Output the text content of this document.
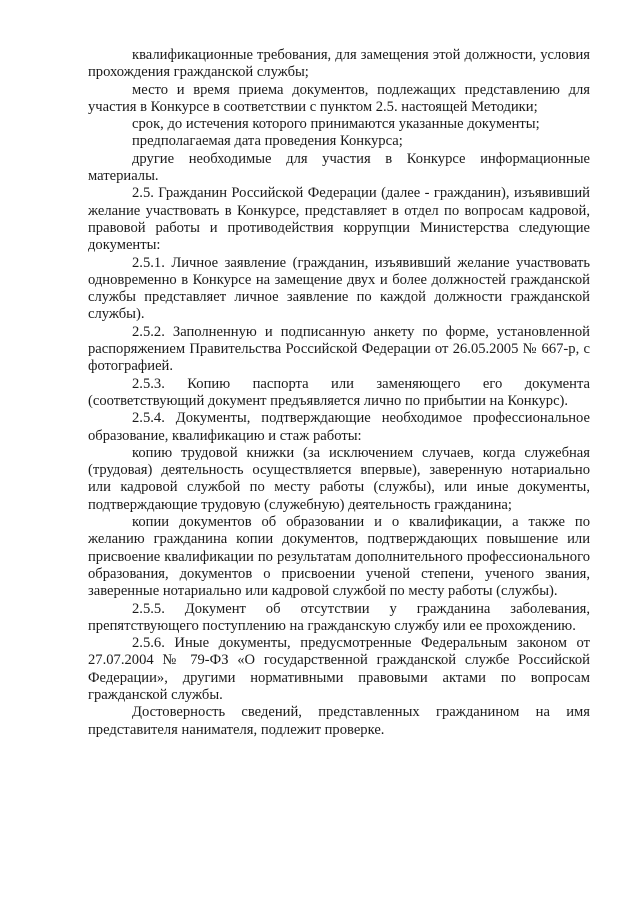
квалификационные требования, для замещения этой должности, условия прохождения гражданской службы;

место и время приема документов, подлежащих представлению для участия в Конкурсе в соответствии с пунктом 2.5. настоящей Методики;

срок, до истечения которого принимаются указанные документы;

предполагаемая дата проведения Конкурса;

другие необходимые для участия в Конкурсе информационные материалы.

2.5. Гражданин Российской Федерации (далее - гражданин), изъявивший желание участвовать в Конкурсе, представляет в отдел по вопросам кадровой, правовой работы и противодействия коррупции Министерства следующие документы:

2.5.1. Личное заявление (гражданин, изъявивший желание участвовать одновременно в Конкурсе на замещение двух и более должностей гражданской службы представляет личное заявление по каждой должности гражданской службы).

2.5.2. Заполненную и подписанную анкету по форме, установленной распоряжением Правительства Российской Федерации от 26.05.2005 № 667-р, с фотографией.

2.5.3. Копию паспорта или заменяющего его документа (соответствующий документ предъявляется лично по прибытии на Конкурс).

2.5.4. Документы, подтверждающие необходимое профессиональное образование, квалификацию и стаж работы:

копию трудовой книжки (за исключением случаев, когда служебная (трудовая) деятельность осуществляется впервые), заверенную нотариально или кадровой службой по месту работы (службы), или иные документы, подтверждающие трудовую (служебную) деятельность гражданина;

копии документов об образовании и о квалификации, а также по желанию гражданина копии документов, подтверждающих повышение или присвоение квалификации по результатам дополнительного профессионального образования, документов о присвоении ученой степени, ученого звания, заверенные нотариально или кадровой службой по месту работы (службы).

2.5.5. Документ об отсутствии у гражданина заболевания, препятствующего поступлению на гражданскую службу или ее прохождению.

2.5.6. Иные документы, предусмотренные Федеральным законом от 27.07.2004 № 79-ФЗ «О государственной гражданской службе Российской Федерации», другими нормативными правовыми актами по вопросам гражданской службы.

Достоверность сведений, представленных гражданином на имя представителя нанимателя, подлежит проверке.
